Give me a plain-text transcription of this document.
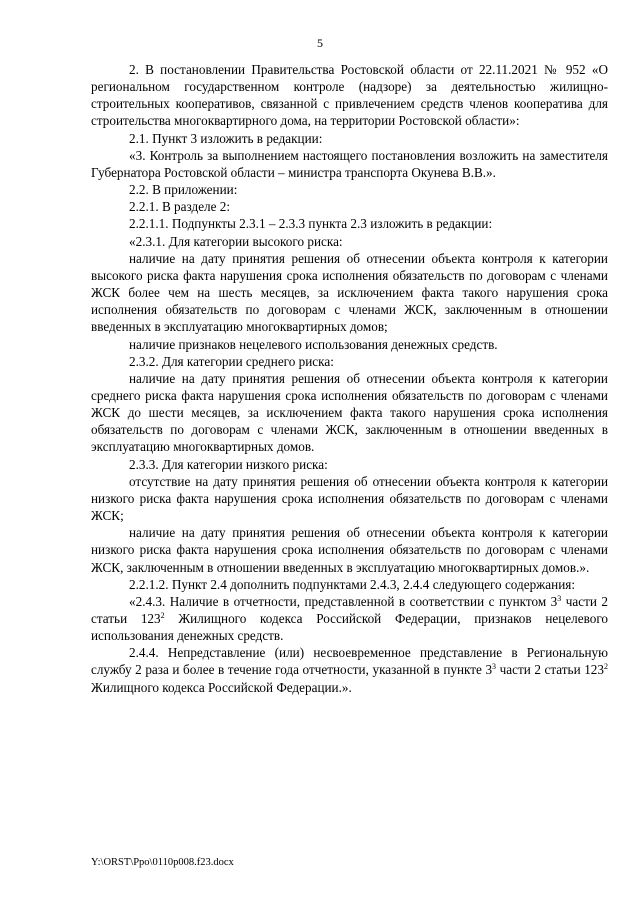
5

2. В постановлении Правительства Ростовской области от 22.11.2021 № 952 «О региональном государственном контроле (надзоре) за деятельностью жилищно-строительных кооперативов, связанной с привлечением средств членов кооператива для строительства многоквартирного дома, на территории Ростовской области»:

2.1. Пункт 3 изложить в редакции:

«3. Контроль за выполнением настоящего постановления возложить на заместителя Губернатора Ростовской области – министра транспорта Окунева В.В.».

2.2. В приложении:

2.2.1. В разделе 2:

2.2.1.1. Подпункты 2.3.1 – 2.3.3 пункта 2.3 изложить в редакции:

«2.3.1. Для категории высокого риска:

наличие на дату принятия решения об отнесении объекта контроля к категории высокого риска факта нарушения срока исполнения обязательств по договорам с членами ЖСК более чем на шесть месяцев, за исключением факта такого нарушения срока исполнения обязательств по договорам с членами ЖСК, заключенным в отношении введенных в эксплуатацию многоквартирных домов;

наличие признаков нецелевого использования денежных средств.

2.3.2. Для категории среднего риска:

наличие на дату принятия решения об отнесении объекта контроля к категории среднего риска факта нарушения срока исполнения обязательств по договорам с членами ЖСК до шести месяцев, за исключением факта такого нарушения срока исполнения обязательств по договорам с членами ЖСК, заключенным в отношении введенных в эксплуатацию многоквартирных домов.

2.3.3. Для категории низкого риска:

отсутствие на дату принятия решения об отнесении объекта контроля к категории низкого риска факта нарушения срока исполнения обязательств по договорам с членами ЖСК;

наличие на дату принятия решения об отнесении объекта контроля к категории низкого риска факта нарушения срока исполнения обязательств по договорам с членами ЖСК, заключенным в отношении введенных в эксплуатацию многоквартирных домов.».

2.2.1.2. Пункт 2.4 дополнить подпунктами 2.4.3, 2.4.4 следующего содержания:

«2.4.3. Наличие в отчетности, представленной в соответствии с пунктом $3^3$ части 2 статьи $123^2$ Жилищного кодекса Российской Федерации, признаков нецелевого использования денежных средств.

2.4.4. Непредставление (или) несвоевременное представление в Региональную службу 2 раза и более в течение года отчетности, указанной в пункте $3^3$ части 2 статьи $123^2$ Жилищного кодекса Российской Федерации.».

Y:\ORST\Ppo\0110p008.f23.docx
